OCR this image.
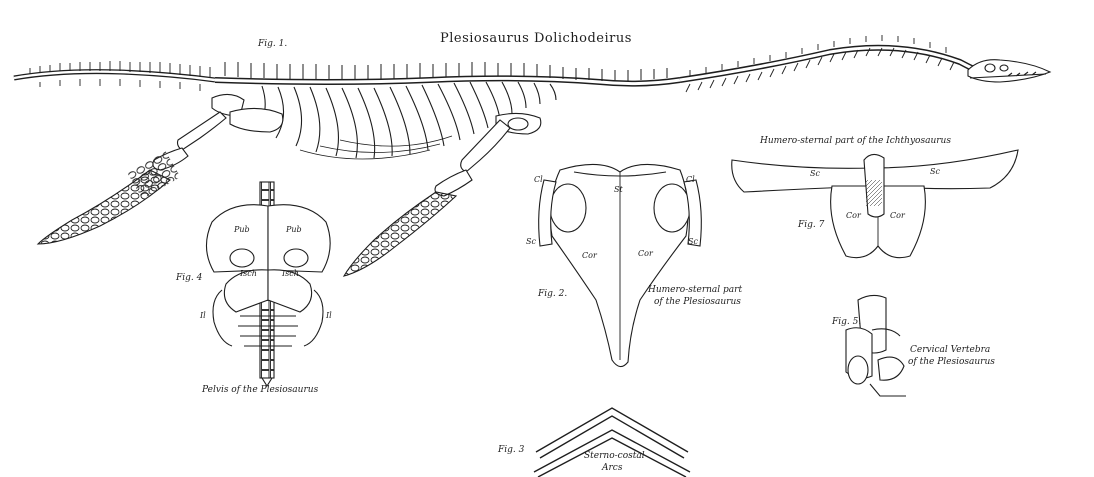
Plesiosaurus Dolichodeirus
Fig. 1.
Humero-sternal part of the Ichthyosaurus
Fig. 7
Sc	Sc
Cor	Cor
Cl	Cl
St
Sc	Sc
Cor	Cor
Fig. 2.	Humero-sternal part
of the Plesiosaurus
Pub	Pub
Isch	Isch
Il	Il
Fig. 4
Pelvis of the Plesiosaurus
Fig. 5.
Cervical Vertebra
of the Plesiosaurus
Fig. 3
Sterno-costal
Arcs
